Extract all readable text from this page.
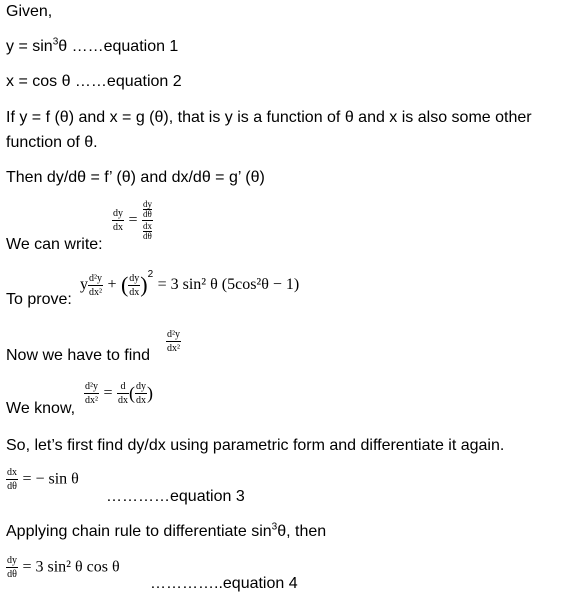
Given,
$y = \sin^3\theta$ ……equation 1
x = cos θ ……equation 2
If y = f (θ) and x = g (θ), that is y is a function of θ and x is also some other function of θ.
Then dy/dθ = f’ (θ) and dx/dθ = g’ (θ)
We can write:
$\frac{dy}{dx}$ = dy
dθ
dx
dθ
To prove:
y $\frac{\text{d²y}}{\text{dx²}}$ + ( $\frac{dy}{dx} )^2 = 3$ sin² θ (5cos²θ − 1)
Now we have to find
$\frac{\text{d²y}}{\text{dx²}}$
We know,
$\frac{\text{d²y}}{\text{dx²}} = \frac{d}{dx}$ ( $\frac{dy}{dx}$ )
So, let’s first find dy/dx using parametric form and differentiate it again.
$\frac{dx}{d\theta}$ = − sin θ
…………equation 3
Applying chain rule to differentiate $\sin^3\theta$, then
$\frac{dy}{d\theta} = 3$ sin² θ cos θ
…………..equation 4
